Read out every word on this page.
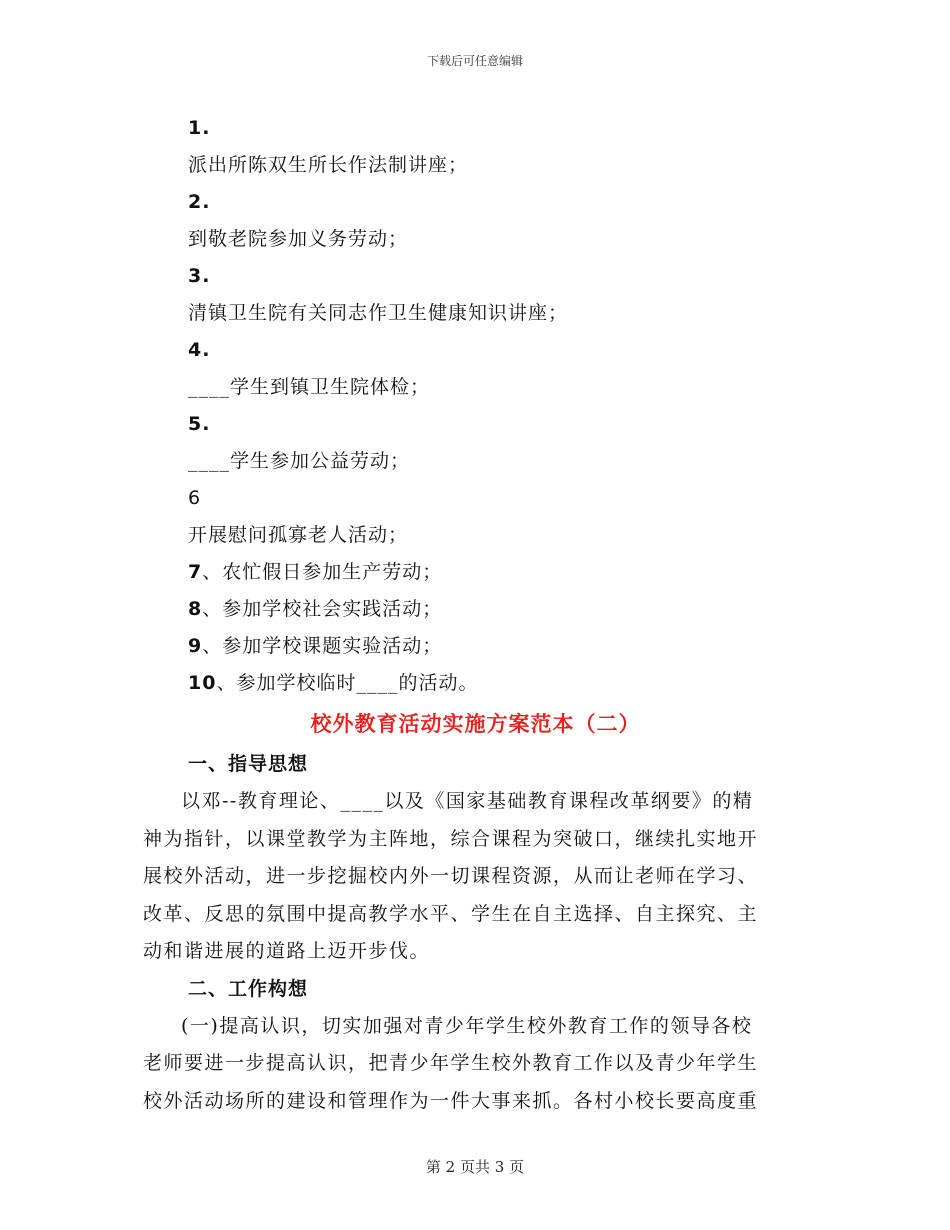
下载后可任意编辑
1.
派出所陈双生所长作法制讲座；
2.
到敬老院参加义务劳动；
3.
清镇卫生院有关同志作卫生健康知识讲座；
4.
____学生到镇卫生院体检；
5.
____学生参加公益劳动；
6
开展慰问孤寡老人活动；
7、农忙假日参加生产劳动；
8、参加学校社会实践活动；
9、参加学校课题实验活动；
10、参加学校临时____的活动。
校外教育活动实施方案范本（二）
一、指导思想

以邓--教育理论、____以及《国家基础教育课程改革纲要》的精

神为指针，以课堂教学为主阵地，综合课程为突破口，继续扎实地开

展校外活动，进一步挖掘校内外一切课程资源，从而让老师在学习、

改革、反思的氛围中提高教学水平、学生在自主选择、自主探究、主

动和谐进展的道路上迈开步伐。

二、工作构想

(一)提高认识，切实加强对青少年学生校外教育工作的领导各校

老师要进一步提高认识，把青少年学生校外教育工作以及青少年学生

校外活动场所的建设和管理作为一件大事来抓。各村小校长要高度重

第 2 页共 3 页
